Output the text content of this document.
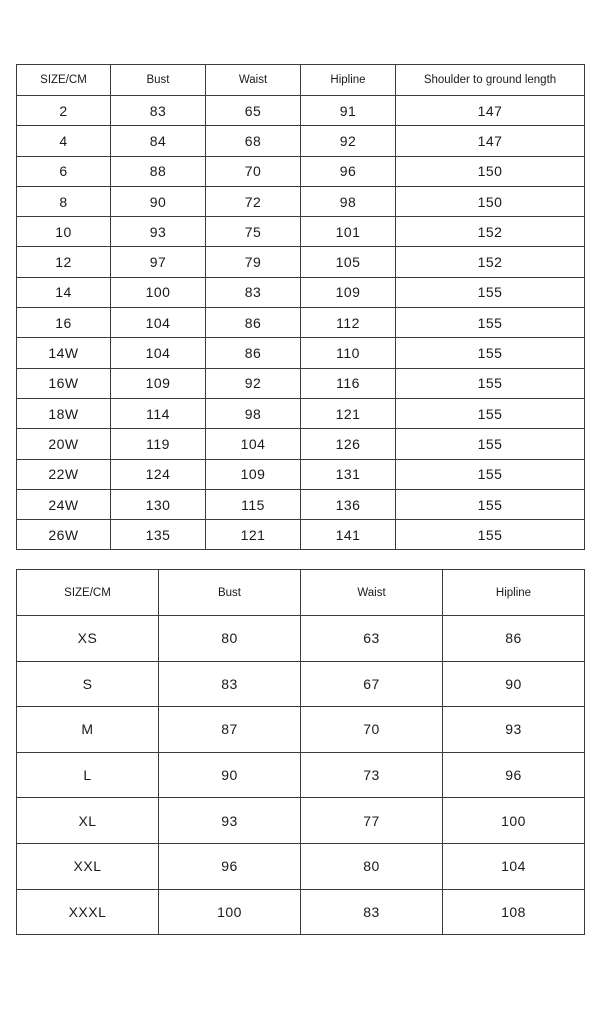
SIZE/CM	Bust	Waist	Hipline	Shoulder to ground length
2	83	65	91	147
4	84	68	92	147
6	88	70	96	150
8	90	72	98	150
10	93	75	101	152
12	97	79	105	152
14	100	83	109	155
16	104	86	112	155
14W	104	86	110	155
16W	109	92	116	155
18W	114	98	121	155
20W	119	104	126	155
22W	124	109	131	155
24W	130	115	136	155
26W	135	121	141	155
SIZE/CM	Bust	Waist	Hipline
XS	80	63	86
S	83	67	90
M	87	70	93
L	90	73	96
XL	93	77	100
XXL	96	80	104
XXXL	100	83	108
